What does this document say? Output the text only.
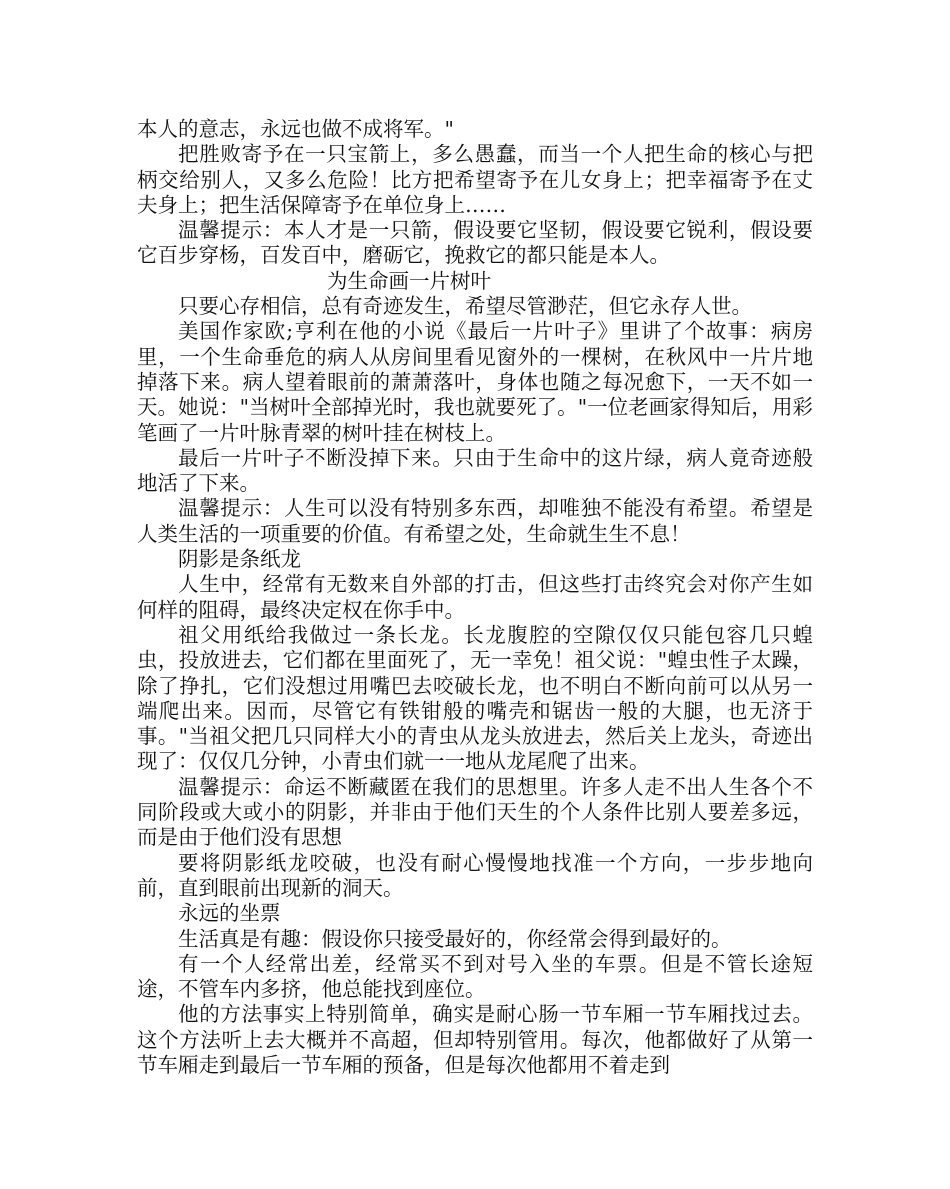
本人的意志，永远也做不成将军。"

把胜败寄予在一只宝箭上，多么愚蠢，而当一个人把生命的核心与把柄交给别人，又多么危险！比方把希望寄予在儿女身上；把幸福寄予在丈夫身上；把生活保障寄予在单位身上……

温馨提示：本人才是一只箭，假设要它坚韧，假设要它锐利，假设要它百步穿杨，百发百中，磨砺它，挽救它的都只能是本人。

为生命画一片树叶

只要心存相信，总有奇迹发生，希望尽管渺茫，但它永存人世。

美国作家欧;亨利在他的小说《最后一片叶子》里讲了个故事：病房里，一个生命垂危的病人从房间里看见窗外的一棵树，在秋风中一片片地掉落下来。病人望着眼前的萧萧落叶，身体也随之每况愈下，一天不如一天。她说："当树叶全部掉光时，我也就要死了。"一位老画家得知后，用彩笔画了一片叶脉青翠的树叶挂在树枝上。

最后一片叶子不断没掉下来。只由于生命中的这片绿，病人竟奇迹般地活了下来。

温馨提示：人生可以没有特别多东西，却唯独不能没有希望。希望是人类生活的一项重要的价值。有希望之处，生命就生生不息！

阴影是条纸龙

人生中，经常有无数来自外部的打击，但这些打击终究会对你产生如何样的阻碍，最终决定权在你手中。

祖父用纸给我做过一条长龙。长龙腹腔的空隙仅仅只能包容几只蝗虫，投放进去，它们都在里面死了，无一幸免！祖父说："蝗虫性子太躁，除了挣扎，它们没想过用嘴巴去咬破长龙，也不明白不断向前可以从另一端爬出来。因而，尽管它有铁钳般的嘴壳和锯齿一般的大腿，也无济于事。"当祖父把几只同样大小的青虫从龙头放进去，然后关上龙头，奇迹出现了：仅仅几分钟，小青虫们就一一地从龙尾爬了出来。

温馨提示：命运不断藏匿在我们的思想里。许多人走不出人生各个不同阶段或大或小的阴影，并非由于他们天生的个人条件比别人要差多远，而是由于他们没有思想

要将阴影纸龙咬破，也没有耐心慢慢地找准一个方向，一步步地向前，直到眼前出现新的洞天。

永远的坐票

生活真是有趣：假设你只接受最好的，你经常会得到最好的。

有一个人经常出差，经常买不到对号入坐的车票。但是不管长途短途，不管车内多挤，他总能找到座位。

他的方法事实上特别简单，确实是耐心肠一节车厢一节车厢找过去。这个方法听上去大概并不高超，但却特别管用。每次，他都做好了从第一节车厢走到最后一节车厢的预备，但是每次他都用不着走到
